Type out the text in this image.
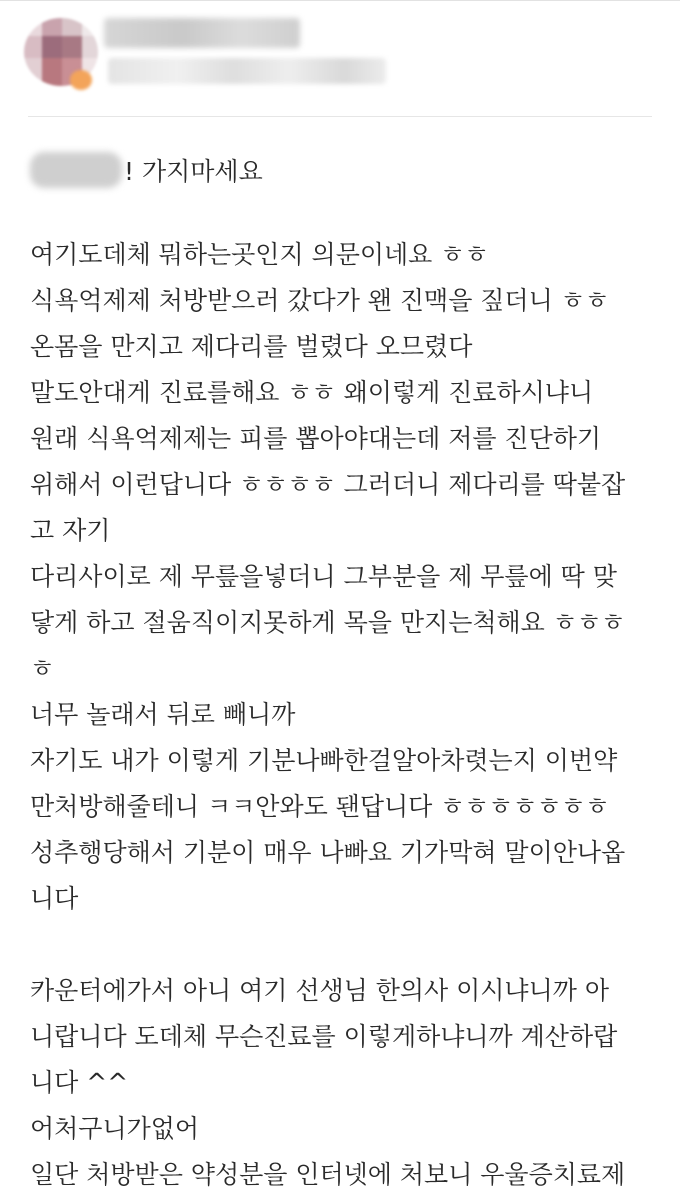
! 가지마세요
여기도데체 뭐하는곳인지 의문이네요 ㅎㅎ
식욕억제제 처방받으러 갔다가 왠 진맥을 짚더니 ㅎㅎ
온몸을 만지고 제다리를 벌렸다 오므렸다
말도안대게 진료를해요 ㅎㅎ 왜이렇게 진료하시냐니
원래 식욕억제제는 피를 뽑아야대는데 저를 진단하기
위해서 이런답니다 ㅎㅎㅎㅎ 그러더니 제다리를 딱붙잡
고 자기
다리사이로 제 무릎을넣더니 그부분을 제 무릎에 딱 맞
닿게 하고 절움직이지못하게 목을 만지는척해요 ㅎㅎㅎ
ㅎ
너무 놀래서 뒤로 빼니까
자기도 내가 이렇게 기분나빠한걸알아차렷는지 이번약
만처방해줄테니 ㅋㅋ안와도 됀답니다 ㅎㅎㅎㅎㅎㅎㅎ
성추행당해서 기분이 매우 나빠요 기가막혀 말이안나옵
니다
카운터에가서 아니 여기 선생님 한의사 이시냐니까 아
니랍니다 도데체 무슨진료를 이렇게하냐니까 계산하랍
니다 ^^
어처구니가없어
일단 처방받은 약성분을 인터넷에 처보니 우울증치료제
